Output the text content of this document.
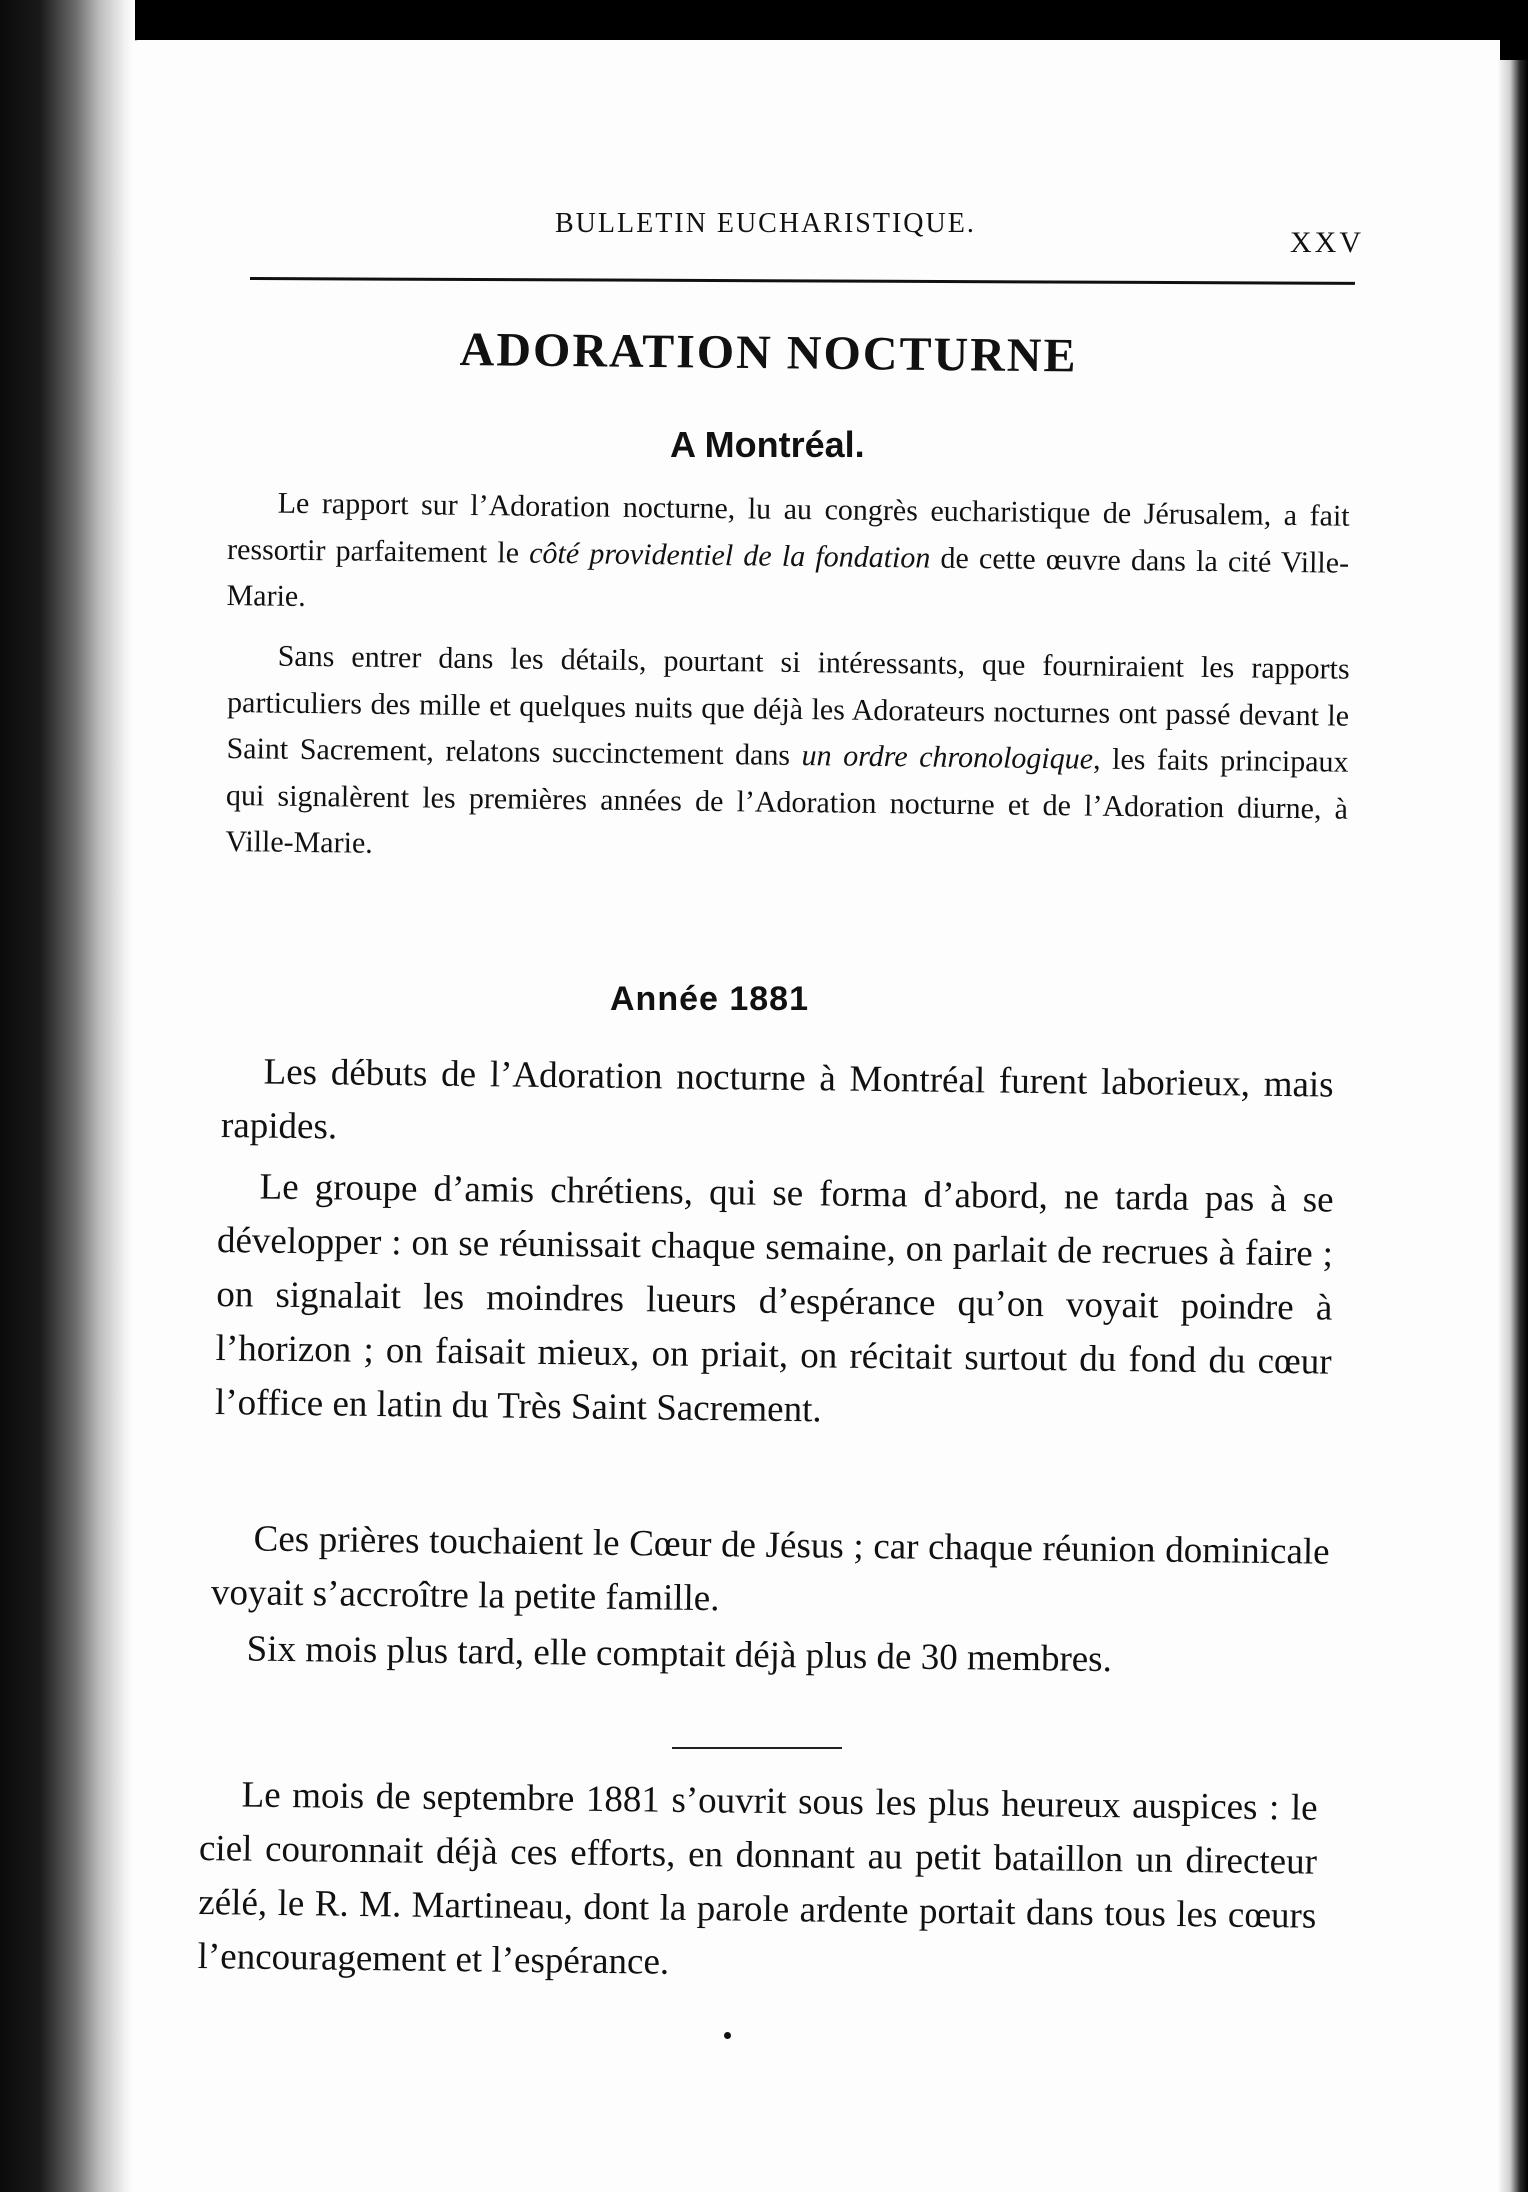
BULLETIN EUCHARISTIQUE.
XXV
ADORATION NOCTURNE
A Montréal.

Le rapport sur l’Adoration nocturne, lu au congrès eucharistique de Jérusalem, a fait ressortir parfaitement le côté providentiel de la fondation de cette œuvre dans la cité Ville-Marie.

Sans entrer dans les détails, pourtant si intéressants, que fourniraient les rapports particuliers des mille et quelques nuits que déjà les Adorateurs nocturnes ont passé devant le Saint Sacrement, relatons succinctement dans un ordre chronologique, les faits principaux qui signalèrent les premières années de l’Adoration nocturne et de l’Adoration diurne, à Ville-Marie.

Année 1881

Les débuts de l’Adoration nocturne à Montréal furent laborieux, mais rapides.

Le groupe d’amis chrétiens, qui se forma d’abord, ne tarda pas à se développer : on se réunissait chaque semaine, on parlait de recrues à faire ; on signalait les moindres lueurs d’espérance qu’on voyait poindre à l’horizon ; on faisait mieux, on priait, on récitait surtout du fond du cœur l’office en latin du Très Saint Sacrement.

Ces prières touchaient le Cœur de Jésus ; car chaque réunion dominicale voyait s’accroître la petite famille.

Six mois plus tard, elle comptait déjà plus de 30 membres.

Le mois de septembre 1881 s’ouvrit sous les plus heureux auspices : le ciel couronnait déjà ces efforts, en donnant au petit bataillon un directeur zélé, le R. M. Martineau, dont la parole ardente portait dans tous les cœurs l’encouragement et l’espérance.
